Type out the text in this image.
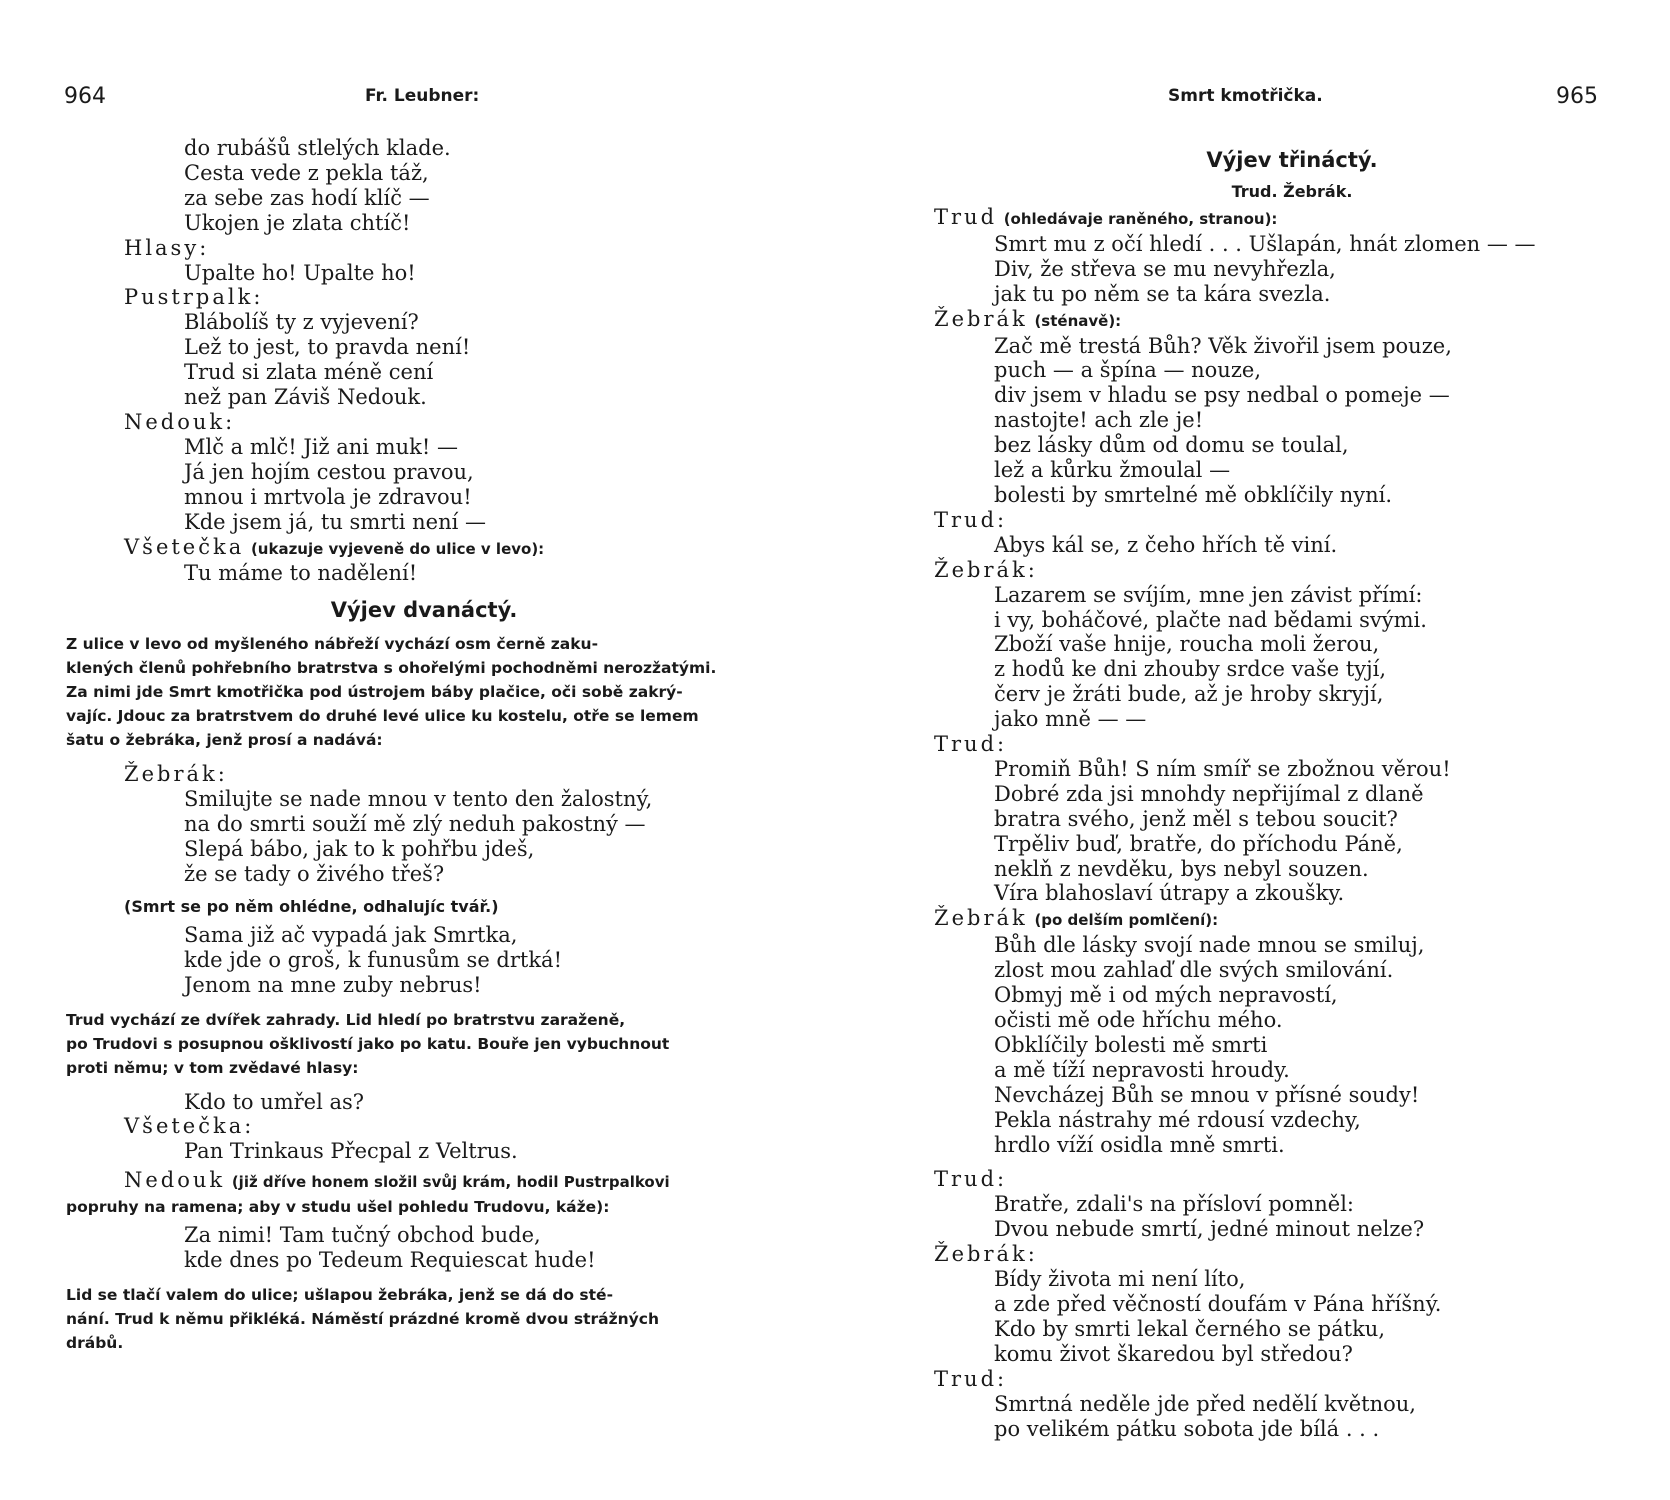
964	Fr. Leubner:
do rubášů stlelých klade.
Cesta vede z pekla táž,
za sebe zas hodí klíč —
Ukojen je zlata chtíč!
Hlasy:
Upalte ho! Upalte ho!
Pustrpalk:
Blábolíš ty z vyjevení?
Lež to jest, to pravda není!
Trud si zlata méně cení
než pan Záviš Nedouk.
Nedouk:
Mlč a mlč! Již ani muk! —
Já jen hojím cestou pravou,
mnou i mrtvola je zdravou!
Kde jsem já, tu smrti není —
Všetečka (ukazuje vyjeveně do ulice v levo):
Tu máme to nadělení!
Výjev dvanáctý.
Z ulice v levo od myšleného nábřeží vychází osm černě zaku-
klených členů pohřebního bratrstva s ohořelými pochodněmi nerozžatými.
Za nimi jde Smrt kmotřička pod ústrojem báby plačice, oči sobě zakrý-
vajíc. Jdouc za bratrstvem do druhé levé ulice ku kostelu, otře se lemem
šatu o žebráka, jenž prosí a nadává:
Žebrák:
Smilujte se nade mnou v tento den žalostný,
na do smrti souží mě zlý neduh pakostný —
Slepá bábo, jak to k pohřbu jdeš,
že se tady o živého třeš?
(Smrt se po něm ohlédne, odhalujíc tvář.)
Sama již ač vypadá jak Smrtka,
kde jde o groš, k funusům se drtká!
Jenom na mne zuby nebrus!
Trud vychází ze dvířek zahrady. Lid hledí po bratrstvu zaraženě,
po Trudovi s posupnou ošklivostí jako po katu. Bouře jen vybuchnout
proti němu; v tom zvědavé hlasy:
Kdo to umřel as?
Všetečka:
Pan Trinkaus Přecpal z Veltrus.
Nedouk (již dříve honem složil svůj krám, hodil Pustrpalkovi
popruhy na ramena; aby v studu ušel pohledu Trudovu, káže):
Za nimi! Tam tučný obchod bude,
kde dnes po Tedeum Requiescat hude!
Lid se tlačí valem do ulice; ušlapou žebráka, jenž se dá do sté-
nání. Trud k němu přikléká. Náměstí prázdné kromě dvou strážných
drábů.
Smrt kmotřička.	965
Výjev třináctý.
Trud. Žebrák.
Trud (ohledávaje raněného, stranou):
Smrt mu z očí hledí . . . Ušlapán, hnát zlomen — —
Div, že střeva se mu nevyhřezla,
jak tu po něm se ta kára svezla.
Žebrák (sténavě):
Zač mě trestá Bůh? Věk živořil jsem pouze,
puch — a špína — nouze,
div jsem v hladu se psy nedbal o pomeje —
nastojte! ach zle je!
bez lásky dům od domu se toulal,
lež a kůrku žmoulal —
bolesti by smrtelné mě obklíčily nyní.
Trud:
Abys kál se, z čeho hřích tě viní.
Žebrák:
Lazarem se svíjím, mne jen závist přímí:
i vy, boháčové, plačte nad bědami svými.
Zboží vaše hnije, roucha moli žerou,
z hodů ke dni zhouby srdce vaše tyjí,
červ je žráti bude, až je hroby skryjí,
jako mně — —
Trud:
Promiň Bůh! S ním smíř se zbožnou věrou!
Dobré zda jsi mnohdy nepřijímal z dlaně
bratra svého, jenž měl s tebou soucit?
Trpěliv buď, bratře, do příchodu Páně,
neklň z nevděku, bys nebyl souzen.
Víra blahoslaví útrapy a zkoušky.
Žebrák (po delším pomlčení):
Bůh dle lásky svojí nade mnou se smiluj,
zlost mou zahlaď dle svých smilování.
Obmyj mě i od mých nepravostí,
očisti mě ode hříchu mého.
Obklíčily bolesti mě smrti
a mě tíží nepravosti hroudy.
Nevcházej Bůh se mnou v přísné soudy!
Pekla nástrahy mé rdousí vzdechy,
hrdlo víží osidla mně smrti.
Trud:
Bratře, zdali's na přísloví pomněl:
Dvou nebude smrtí, jedné minout nelze?
Žebrák:
Bídy života mi není líto,
a zde před věčností doufám v Pána hříšný.
Kdo by smrti lekal černého se pátku,
komu život škaredou byl středou?
Trud:
Smrtná neděle jde před nedělí květnou,
po velikém pátku sobota jde bílá . . .
